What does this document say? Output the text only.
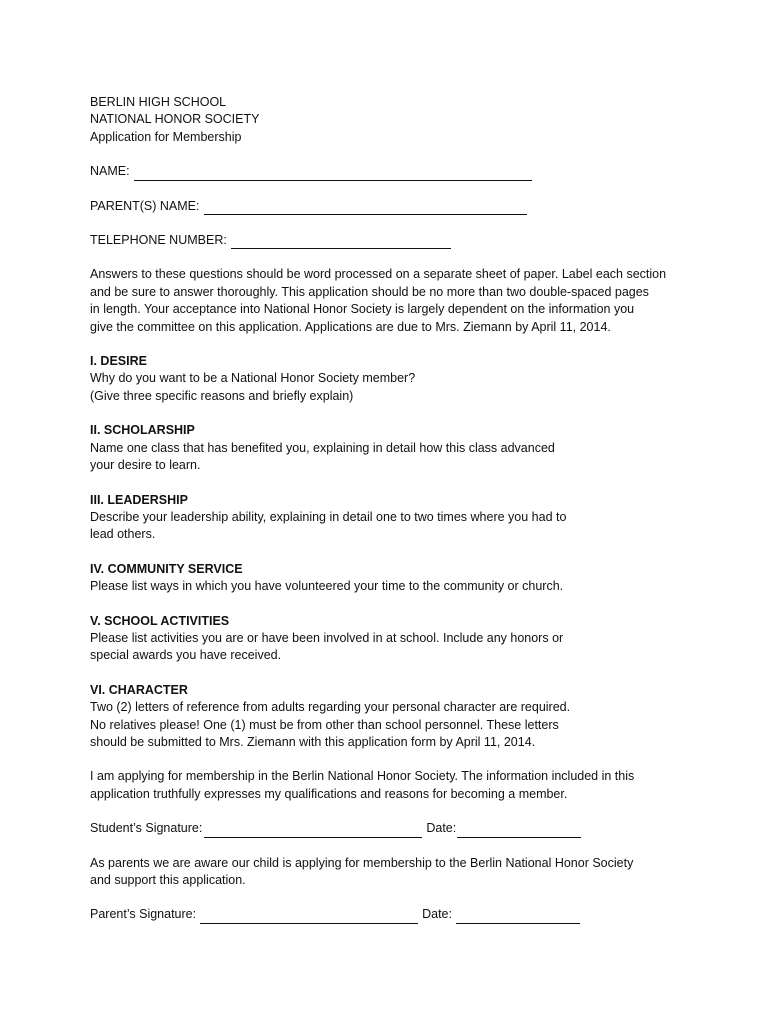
BERLIN HIGH SCHOOL
NATIONAL HONOR SOCIETY
Application for Membership
NAME:
PARENT(S) NAME:
TELEPHONE NUMBER:
Answers to these questions should be word processed on a separate sheet of paper. Label each section
and be sure to answer thoroughly. This application should be no more than two double-spaced pages
in length. Your acceptance into National Honor Society is largely dependent on the information you
give the committee on this application. Applications are due to Mrs. Ziemann by April 11, 2014.
I. DESIRE
Why do you want to be a National Honor Society member?
(Give three specific reasons and briefly explain)
II. SCHOLARSHIP
Name one class that has benefited you, explaining in detail how this class advanced
your desire to learn.
III. LEADERSHIP
Describe your leadership ability, explaining in detail one to two times where you had to
lead others.
IV. COMMUNITY SERVICE
Please list ways in which you have volunteered your time to the community or church.
V. SCHOOL ACTIVITIES
Please list activities you are or have been involved in at school. Include any honors or
special awards you have received.
VI. CHARACTER
Two (2) letters of reference from adults regarding your personal character are required.
No relatives please! One (1) must be from other than school personnel. These letters
should be submitted to Mrs. Ziemann with this application form by April 11, 2014.
I am applying for membership in the Berlin National Honor Society. The information included in this
application truthfully expresses my qualifications and reasons for becoming a member.
Student’s Signature:	Date:
As parents we are aware our child is applying for membership to the Berlin National Honor Society
and support this application.
Parent’s Signature:	Date:
